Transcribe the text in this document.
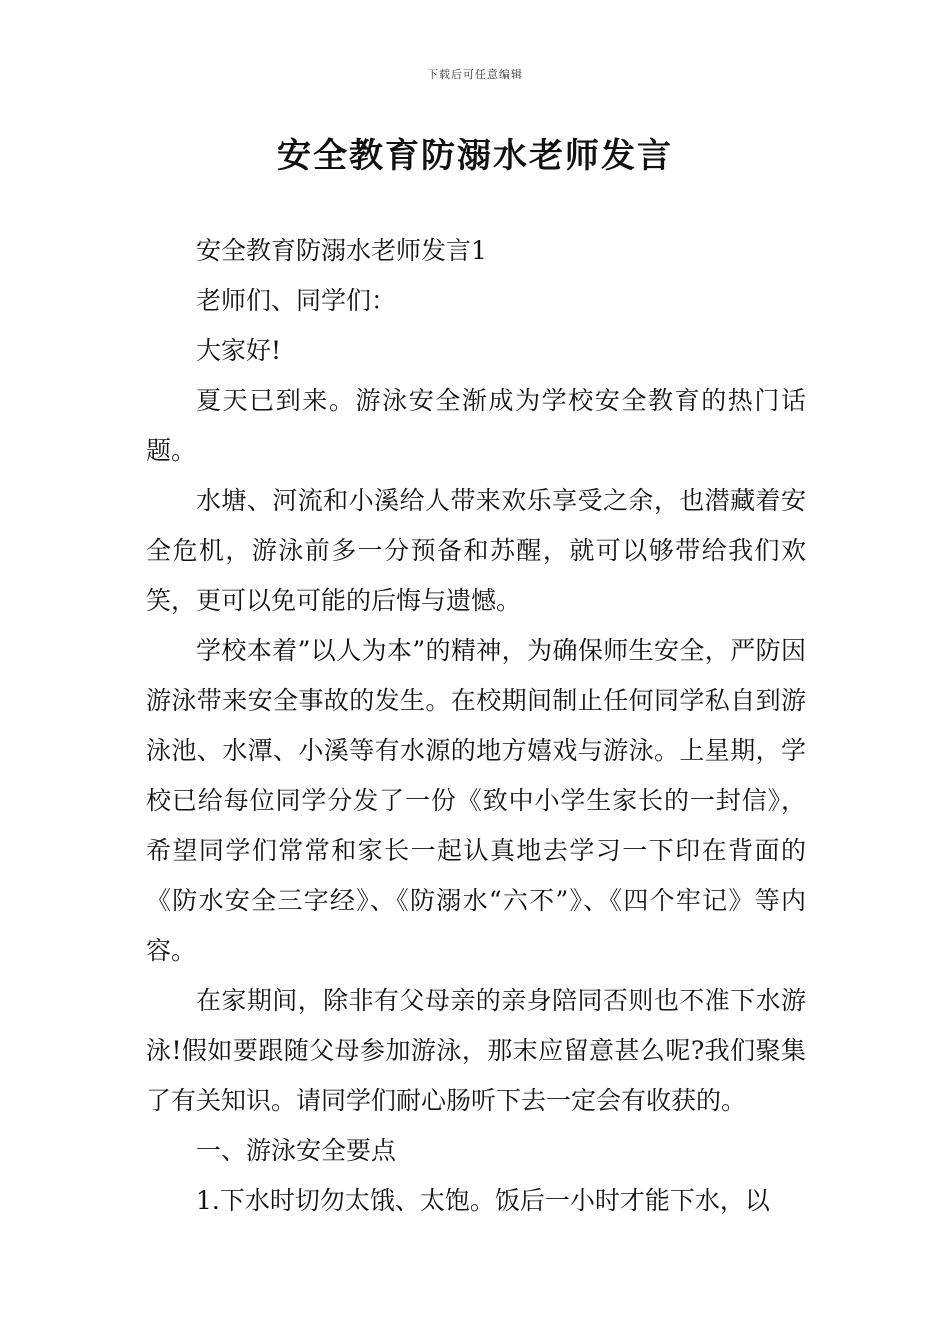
下载后可任意编辑
安全教育防溺水老师发言

安全教育防溺水老师发言1

老师们、同学们：

大家好!

夏天已到来。游泳安全渐成为学校安全教育的热门话题。

水塘、河流和小溪给人带来欢乐享受之余，也潜藏着安全危机，游泳前多一分预备和苏醒，就可以够带给我们欢笑，更可以免可能的后悔与遗憾。

学校本着”以人为本”的精神，为确保师生安全，严防因游泳带来安全事故的发生。在校期间制止任何同学私自到游泳池、水潭、小溪等有水源的地方嬉戏与游泳。上星期，学校已给每位同学分发了一份《致中小学生家长的一封信》，希望同学们常常和家长一起认真地去学习一下印在背面的《防水安全三字经》、《防溺水“六不”》、《四个牢记》等内容。

在家期间，除非有父母亲的亲身陪同否则也不准下水游泳!假如要跟随父母参加游泳，那末应留意甚么呢?我们聚集了有关知识。请同学们耐心肠听下去一定会有收获的。

一、游泳安全要点

1.下水时切勿太饿、太饱。饭后一小时才能下水，以
